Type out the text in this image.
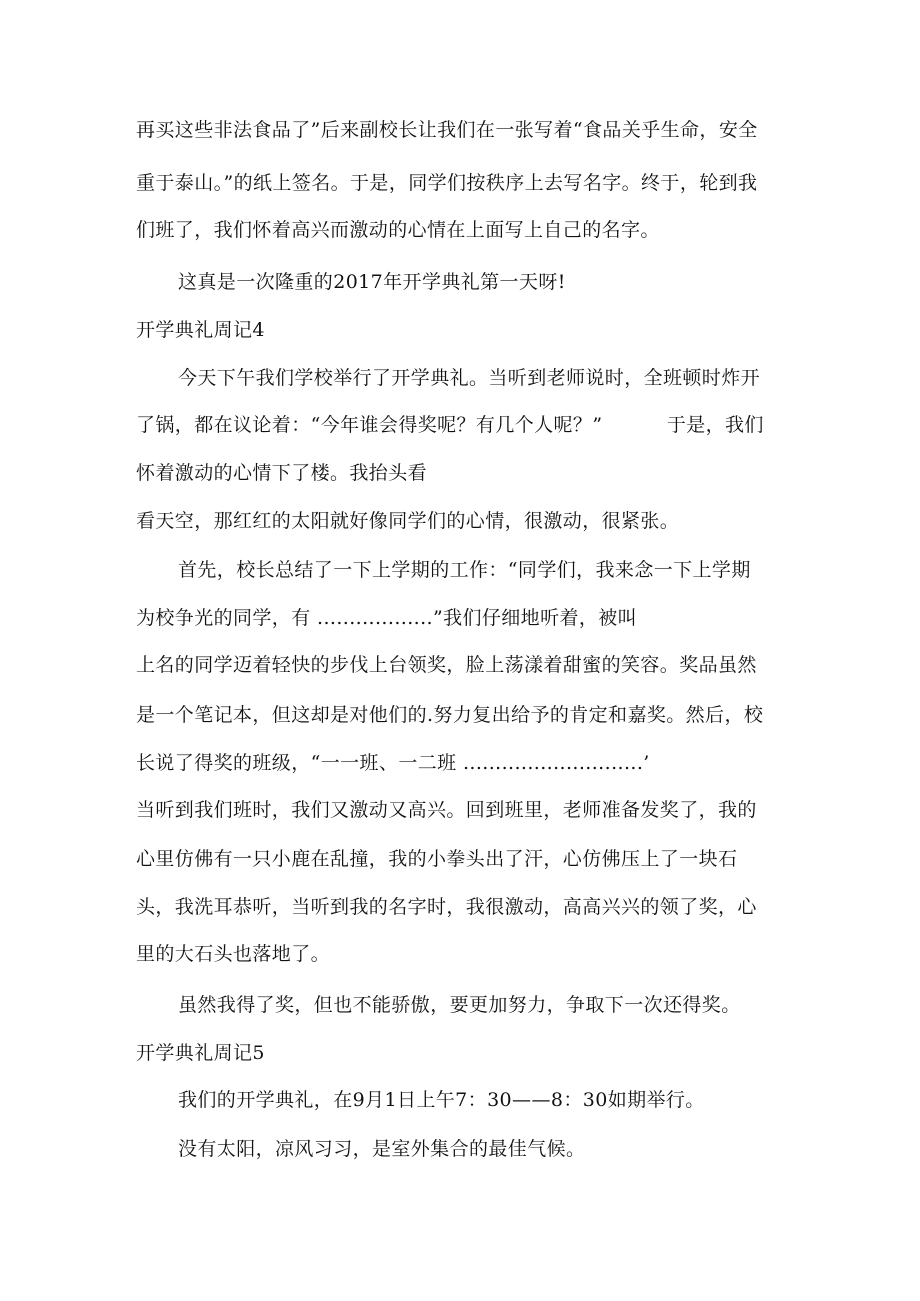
再买这些非法食品了”后来副校长让我们在一张写着“食品关乎生命，安全
重于泰山。”的纸上签名。于是，同学们按秩序上去写名字。终于，轮到我
们班了，我们怀着高兴而激动的心情在上面写上自己的名字。
这真是一次隆重的2017年开学典礼第一天呀!
开学典礼周记4
今天下午我们学校举行了开学典礼。当听到老师说时，全班顿时炸开
了锅，都在议论着：“今年谁会得奖呢？有几个人呢？”          于是，我们
怀着激动的心情下了楼。我抬头看
看天空，那红红的太阳就好像同学们的心情，很激动，很紧张。
首先，校长总结了一下上学期的工作：“同学们，我来念一下上学期
为校争光的同学，有 ..................”我们仔细地听着，被叫
上名的同学迈着轻快的步伐上台领奖，脸上荡漾着甜蜜的笑容。奖品虽然
是一个笔记本，但这却是对他们的.努力复出给予的肯定和嘉奖。然后，校
长说了得奖的班级，“一一班、一二班 ............................’
当听到我们班时，我们又激动又高兴。回到班里，老师准备发奖了，我的
心里仿佛有一只小鹿在乱撞，我的小拳头出了汗，心仿佛压上了一块石
头，我洗耳恭听，当听到我的名字时，我很激动，高高兴兴的领了奖，心
里的大石头也落地了。
虽然我得了奖，但也不能骄傲，要更加努力，争取下一次还得奖。
开学典礼周记5
我们的开学典礼，在9月1日上午7：30——8：30如期举行。
没有太阳，凉风习习，是室外集合的最佳气候。
